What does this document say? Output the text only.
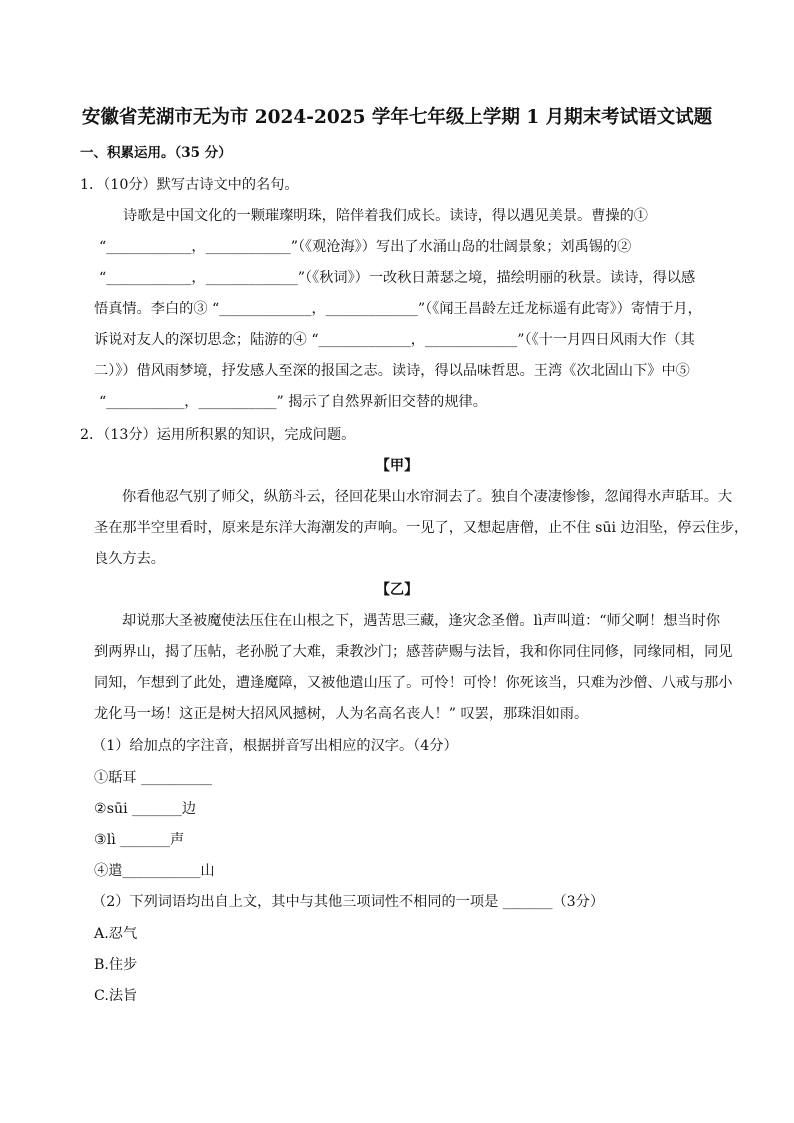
安徽省芜湖市无为市 2024-2025 学年七年级上学期 1 月期末考试语文试题
一、积累运用。（35 分）
1．（10分）默写古诗文中的名句。
诗歌是中国文化的一颗璀璨明珠，陪伴着我们成长。读诗，得以遇见美景。曹操的①
“____________，____________”（《观沧海》）写出了水涌山岛的壮阔景象；刘禹锡的②
“____________，_____________”（《秋词》）一改秋日萧瑟之境，描绘明丽的秋景。读诗，得以感
悟真情。李白的③ “_____________，_____________”（《闻王昌龄左迁龙标遥有此寄》）寄情于月，
诉说对友人的深切思念；陆游的④ “_____________，_____________”（《十一月四日风雨大作（其
二）》）借风雨梦境，抒发感人至深的报国之志。读诗，得以品味哲思。王湾《次北固山下》中⑤
“___________，___________” 揭示了自然界新旧交替的规律。
2．（13分）运用所积累的知识，完成问题。
【甲】
你看他忍气别了师父，纵筋斗云，径回花果山水帘洞去了。独自个凄凄惨惨，忽闻得水声聒耳。大
圣在那半空里看时，原来是东洋大海潮发的声响。一见了，又想起唐僧，止不住 sūi 边泪坠，停云住步，
良久方去。
【乙】
却说那大圣被魔使法压住在山根之下，遇苦思三藏，逢灾念圣僧。lì声叫道：“师父啊！想当时你
到两界山，揭了压帖，老孙脱了大难，秉教沙门；感菩萨赐与法旨，我和你同住同修，同缘同相，同见
同知，乍想到了此处，遭逢魔障，又被他遣山压了。可怜！可怜！你死该当，只难为沙僧、八戒与那小
龙化马一场！这正是树大招风风撼树，人为名高名丧人！” 叹罢，那珠泪如雨。
（1）给加点的字注音，根据拼音写出相应的汉字。（4分）
①聒耳 __________
②sūi _______边
③lì _______声
④遣___________山
（2）下列词语均出自上文，其中与其他三项词性不相同的一项是 _______（3分）
A.忍气
B.住步
C.法旨
